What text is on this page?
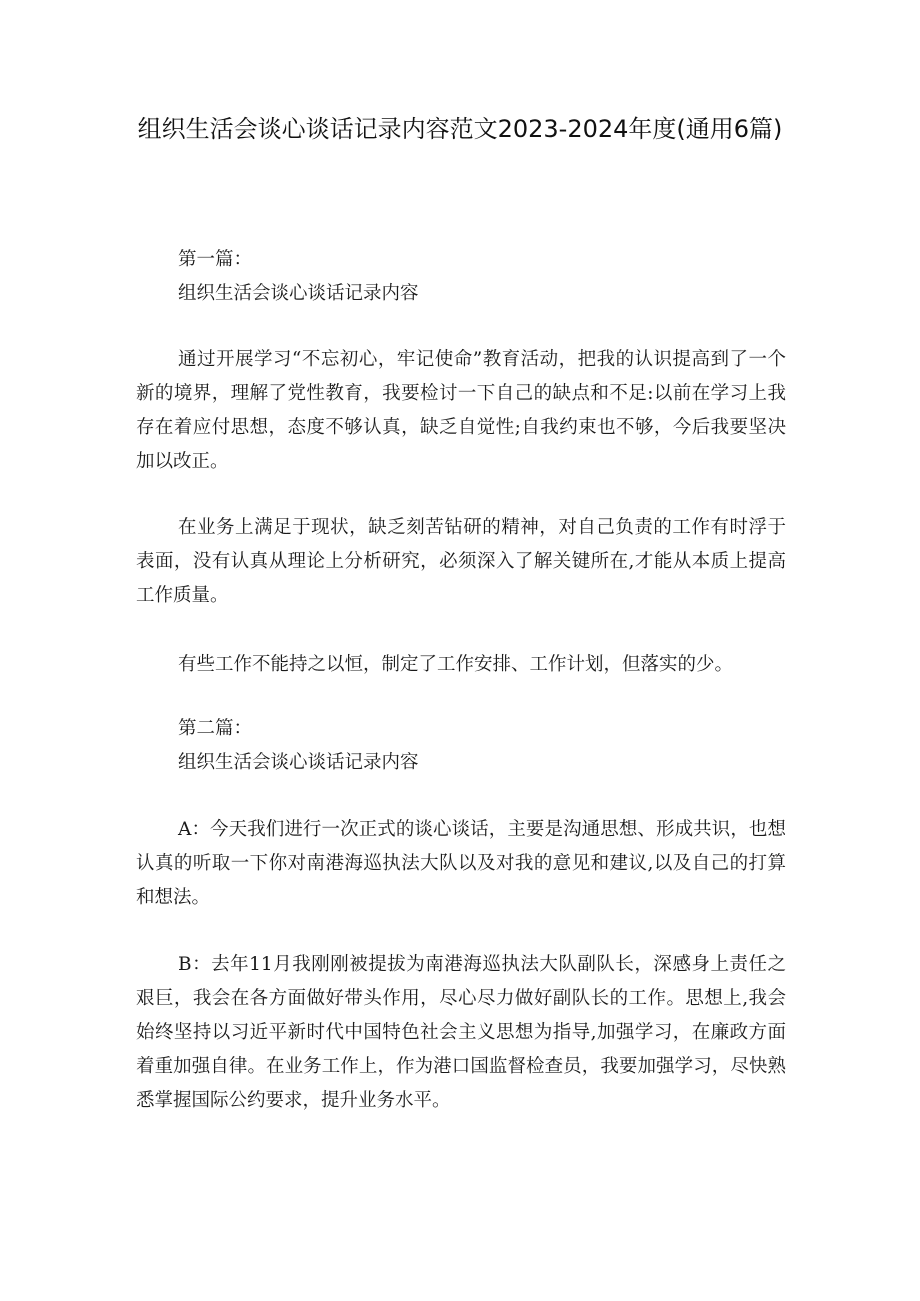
组织生活会谈心谈话记录内容范文2023-2024年度(通用6篇)
第一篇：
组织生活会谈心谈话记录内容

通过开展学习“不忘初心，牢记使命”教育活动，把我的认识提高到了一个新的境界，理解了党性教育，我要检讨一下自己的缺点和不足:以前在学习上我存在着应付思想，态度不够认真，缺乏自觉性;自我约束也不够，今后我要坚决加以改正。

在业务上满足于现状，缺乏刻苦钻研的精神，对自己负责的工作有时浮于表面，没有认真从理论上分析研究，必须深入了解关键所在,才能从本质上提高工作质量。

有些工作不能持之以恒，制定了工作安排、工作计划，但落实的少。

第二篇：
组织生活会谈心谈话记录内容

A：今天我们进行一次正式的谈心谈话，主要是沟通思想、形成共识，也想认真的听取一下你对南港海巡执法大队以及对我的意见和建议,以及自己的打算和想法。

B：去年11月我刚刚被提拔为南港海巡执法大队副队长，深感身上责任之艰巨，我会在各方面做好带头作用，尽心尽力做好副队长的工作。思想上,我会始终坚持以习近平新时代中国特色社会主义思想为指导,加强学习，在廉政方面着重加强自律。在业务工作上，作为港口国监督检查员，我要加强学习，尽快熟悉掌握国际公约要求，提升业务水平。
